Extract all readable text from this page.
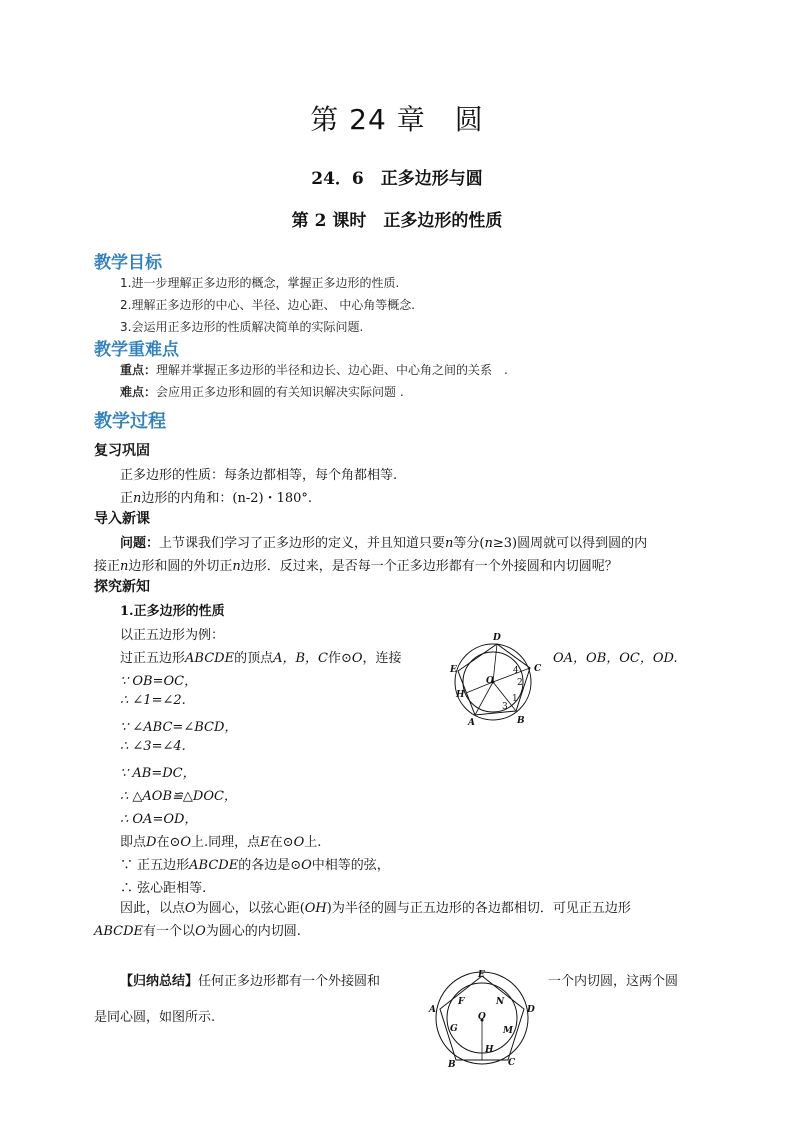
第 24 章　圆
24．6　正多边形与圆
第 2 课时　正多边形的性质
教学目标
1.进一步理解正多边形的概念，掌握正多边形的性质.
2.理解正多边形的中心、半径、边心距、 中心角等概念.
3.会运用正多边形的性质解决简单的实际问题.
教学重难点
重点：理解并掌握正多边形的半径和边长、边心距、中心角之间的关系　.
难点：会应用正多边形和圆的有关知识解决实际问题 .
教学过程
复习巩固
正多边形的性质：每条边都相等，每个角都相等.
正n边形的内角和：(n-2)・180°.
导入新课
问题：上节课我们学习了正多边形的定义，并且知道只要n等分(n≥3)圆周就可以得到圆的内
接正n边形和圆的外切正n边形．反过来，是否每一个正多边形都有一个外接圆和内切圆呢？
探究新知
1.正多边形的性质
以正五边形为例：
过正五边形ABCDE的顶点A，B，C作⊙O，连接	OA，OB，OC，OD.
∵ OB=OC，
∴ ∠1=∠2.
∵ ∠ABC=∠BCD，
∴ ∠3=∠4.
∵ AB=DC，
∴ △AOB≌△DOC，
∴ OA=OD，
即点D在⊙O上.同理，点E在⊙O上.
∵ 正五边形ABCDE的各边是⊙O中相等的弦，
∴ 弦心距相等.
因此，以点O为圆心，以弦心距(OH)为半径的圆与正五边形的各边都相切．可见正五边形
ABCDE有一个以O为圆心的内切圆.
【归纳总结】任何正多边形都有一个外接圆和	一个内切圆，这两个圆
是同心圆，如图所示.
D
E	C
O
H
A	B
1
2
3
4
E
A	D
F	N
O
G	M
H
B	C
